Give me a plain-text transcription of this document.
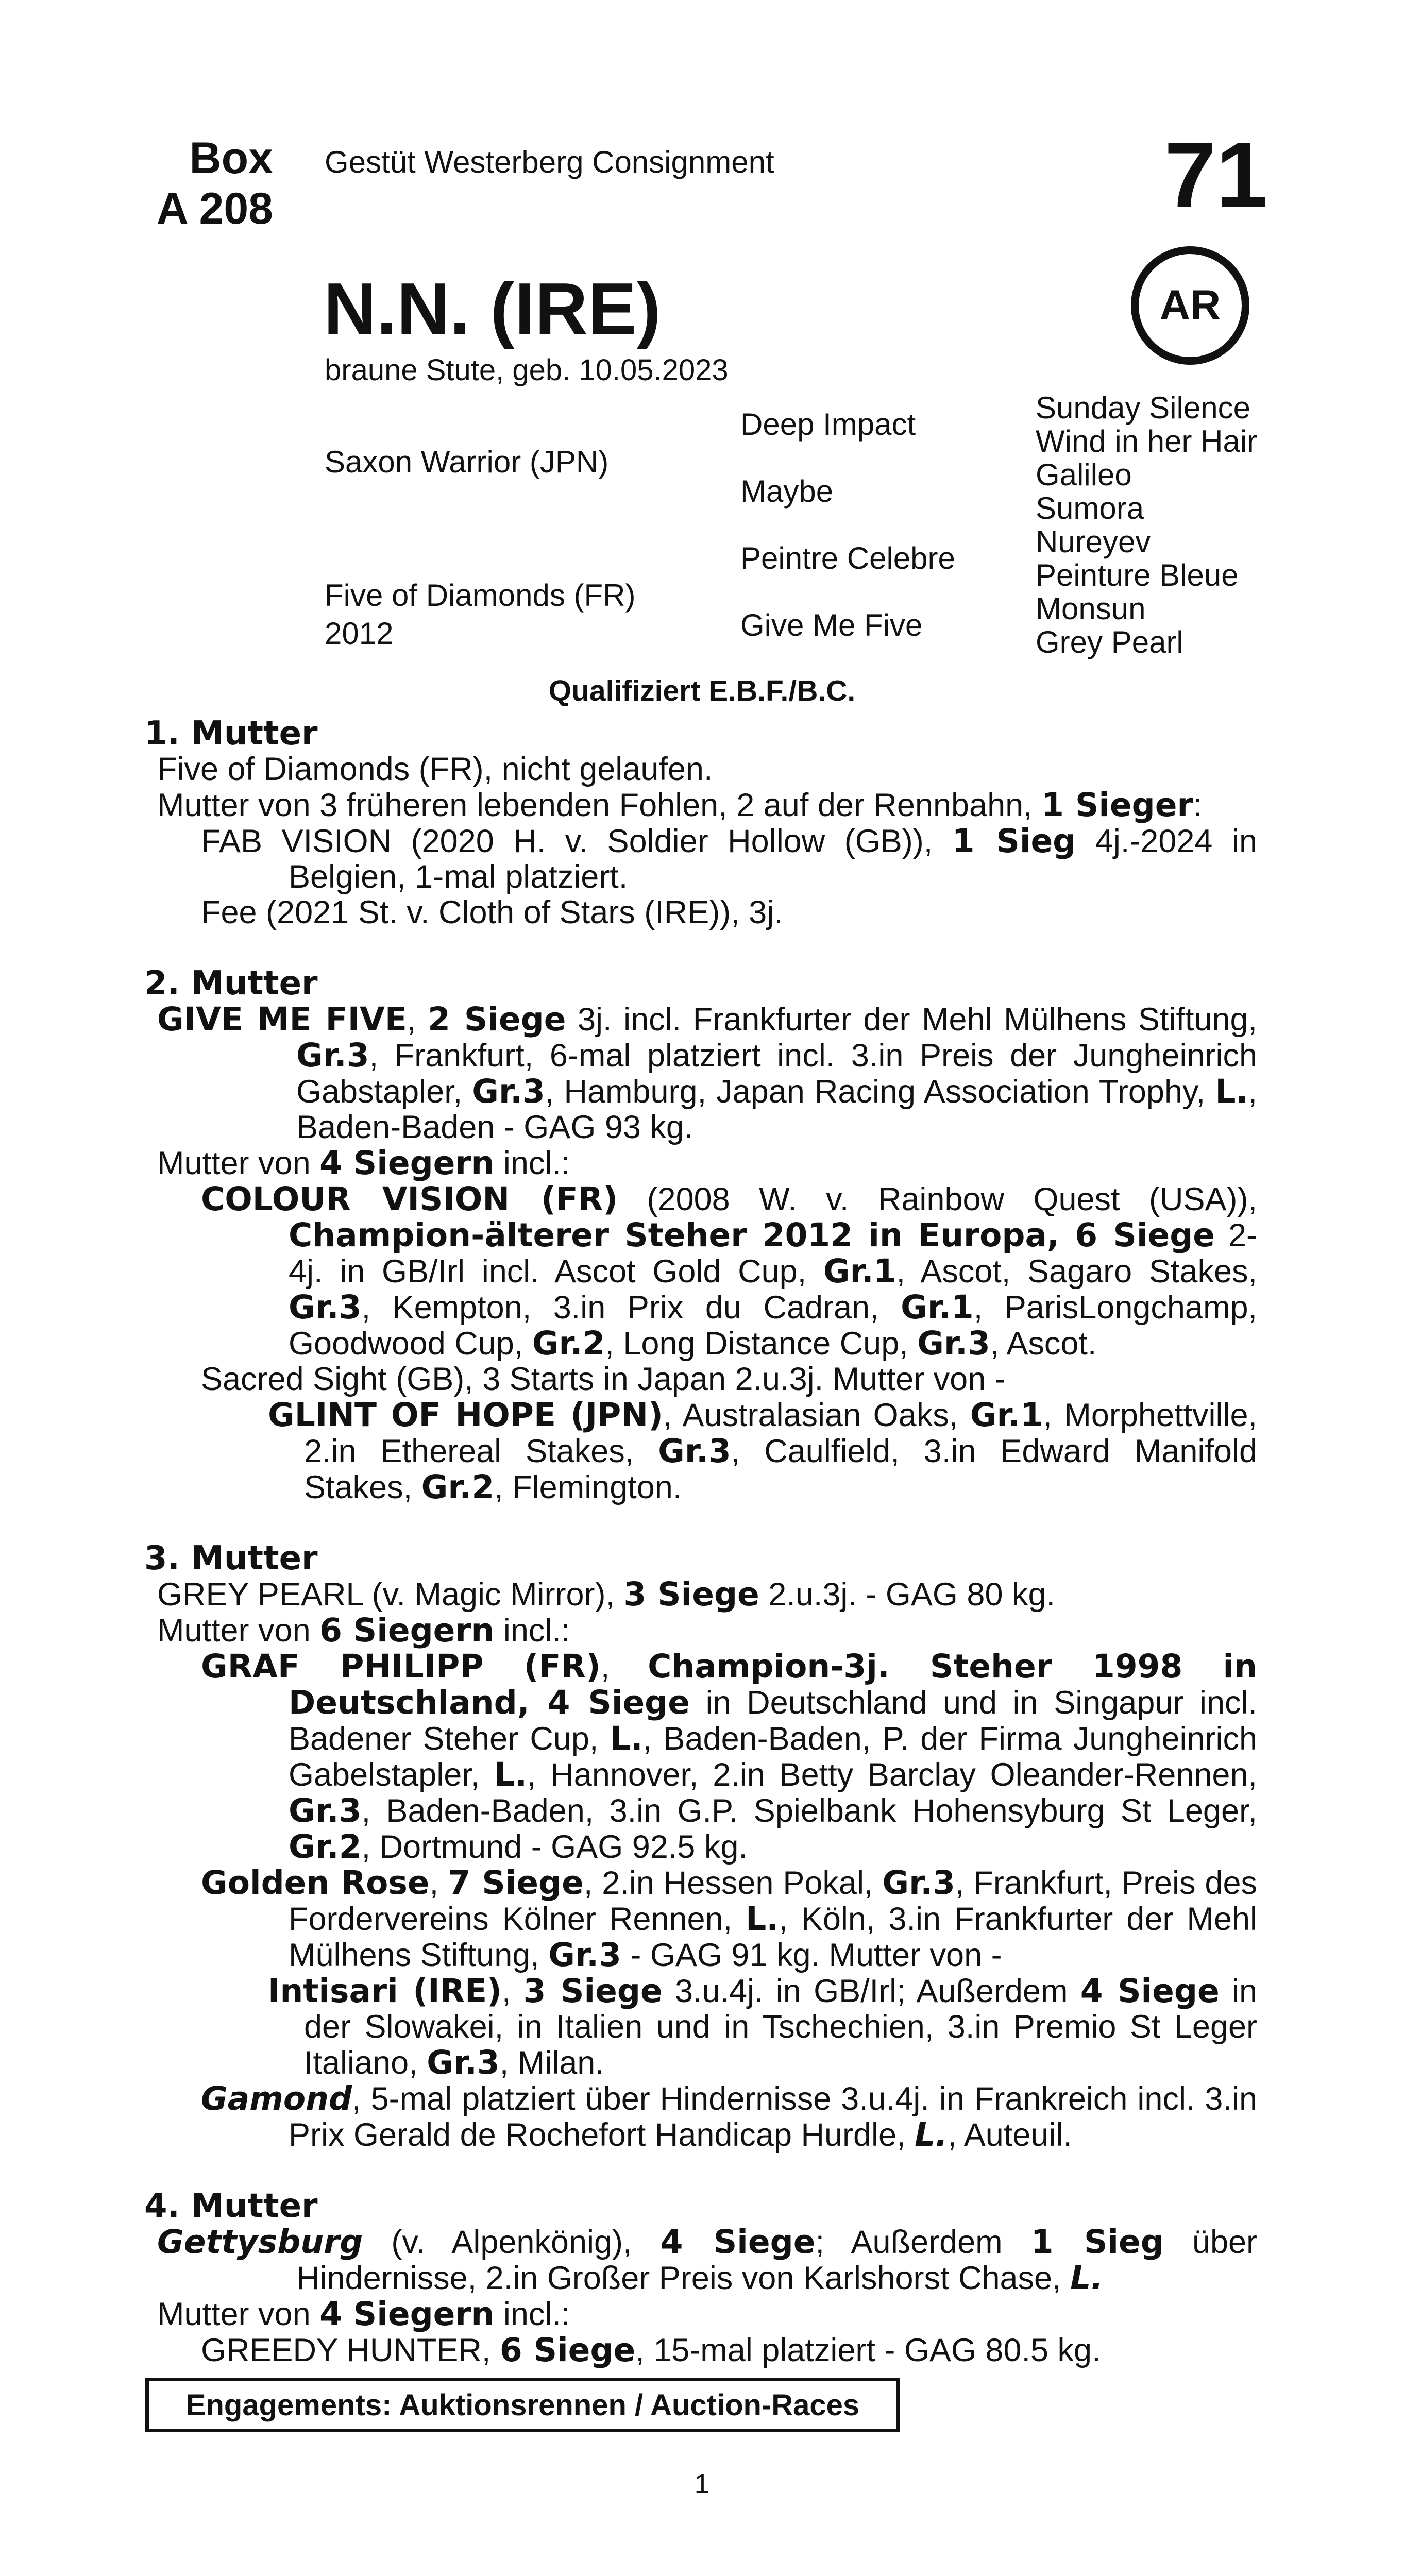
Box
A 208
Gestüt Westerberg Consignment	71
AR
N.N. (IRE)
braune Stute, geb. 10.05.2023
Saxon Warrior (JPN)
Five of Diamonds (FR)
2012
Deep Impact
Maybe
Peintre Celebre
Give Me Five
Sunday Silence
Wind in her Hair
Galileo
Sumora
Nureyev
Peinture Bleue
Monsun
Grey Pearl
Qualifiziert E.B.F./B.C.
1. Mutter
Five of Diamonds (FR), nicht gelaufen.
Mutter von 3 früheren lebenden Fohlen, 2 auf der Rennbahn, 1 Sieger:
FAB VISION (2020 H. v. Soldier Hollow (GB)), 1 Sieg 4j.-2024 in Belgien, 1-mal platziert.
Fee (2021 St. v. Cloth of Stars (IRE)), 3j.
2. Mutter
GIVE ME FIVE, 2 Siege 3j. incl. Frankfurter der Mehl Mülhens Stiftung, Gr.3, Frankfurt, 6-mal platziert incl. 3.in Preis der Jungheinrich Gabstapler, Gr.3, Hamburg, Japan Racing Association Trophy, L., Baden-Baden - GAG 93 kg.
Mutter von 4 Siegern incl.:
COLOUR VISION (FR) (2008 W. v. Rainbow Quest (USA)), Champion-älterer Steher 2012 in Europa, 6 Siege 2-4j. in GB/Irl incl. Ascot Gold Cup, Gr.1, Ascot, Sagaro Stakes, Gr.3, Kempton, 3.in Prix du Cadran, Gr.1, ParisLongchamp, Goodwood Cup, Gr.2, Long Distance Cup, Gr.3, Ascot.
Sacred Sight (GB), 3 Starts in Japan 2.u.3j. Mutter von -
GLINT OF HOPE (JPN), Australasian Oaks, Gr.1, Morphettville, 2.in Ethereal Stakes, Gr.3, Caulfield, 3.in Edward Manifold Stakes, Gr.2, Flemington.
3. Mutter
GREY PEARL (v. Magic Mirror), 3 Siege 2.u.3j. - GAG 80 kg.
Mutter von 6 Siegern incl.:
GRAF PHILIPP (FR), Champion-3j. Steher 1998 in Deutschland, 4 Siege in Deutschland und in Singapur incl. Badener Steher Cup, L., Baden-Baden, P. der Firma Jungheinrich Gabelstapler, L., Hannover, 2.in Betty Barclay Oleander-Rennen, Gr.3, Baden-Baden, 3.in G.P. Spielbank Hohensyburg St Leger, Gr.2, Dortmund - GAG 92.5 kg.
Golden Rose, 7 Siege, 2.in Hessen Pokal, Gr.3, Frankfurt, Preis des Fordervereins Kölner Rennen, L., Köln, 3.in Frankfurter der Mehl Mülhens Stiftung, Gr.3 - GAG 91 kg. Mutter von -
Intisari (IRE), 3 Siege 3.u.4j. in GB/Irl; Außerdem 4 Siege in der Slowakei, in Italien und in Tschechien, 3.in Premio St Leger Italiano, Gr.3, Milan.
Gamond, 5-mal platziert über Hindernisse 3.u.4j. in Frankreich incl. 3.in Prix Gerald de Rochefort Handicap Hurdle, L., Auteuil.
4. Mutter
Gettysburg (v. Alpenkönig), 4 Siege; Außerdem 1 Sieg über Hindernisse, 2.in Großer Preis von Karlshorst Chase, L.
Mutter von 4 Siegern incl.:
GREEDY HUNTER, 6 Siege, 15-mal platziert - GAG 80.5 kg.
Engagements: Auktionsrennen / Auction-Races
1
